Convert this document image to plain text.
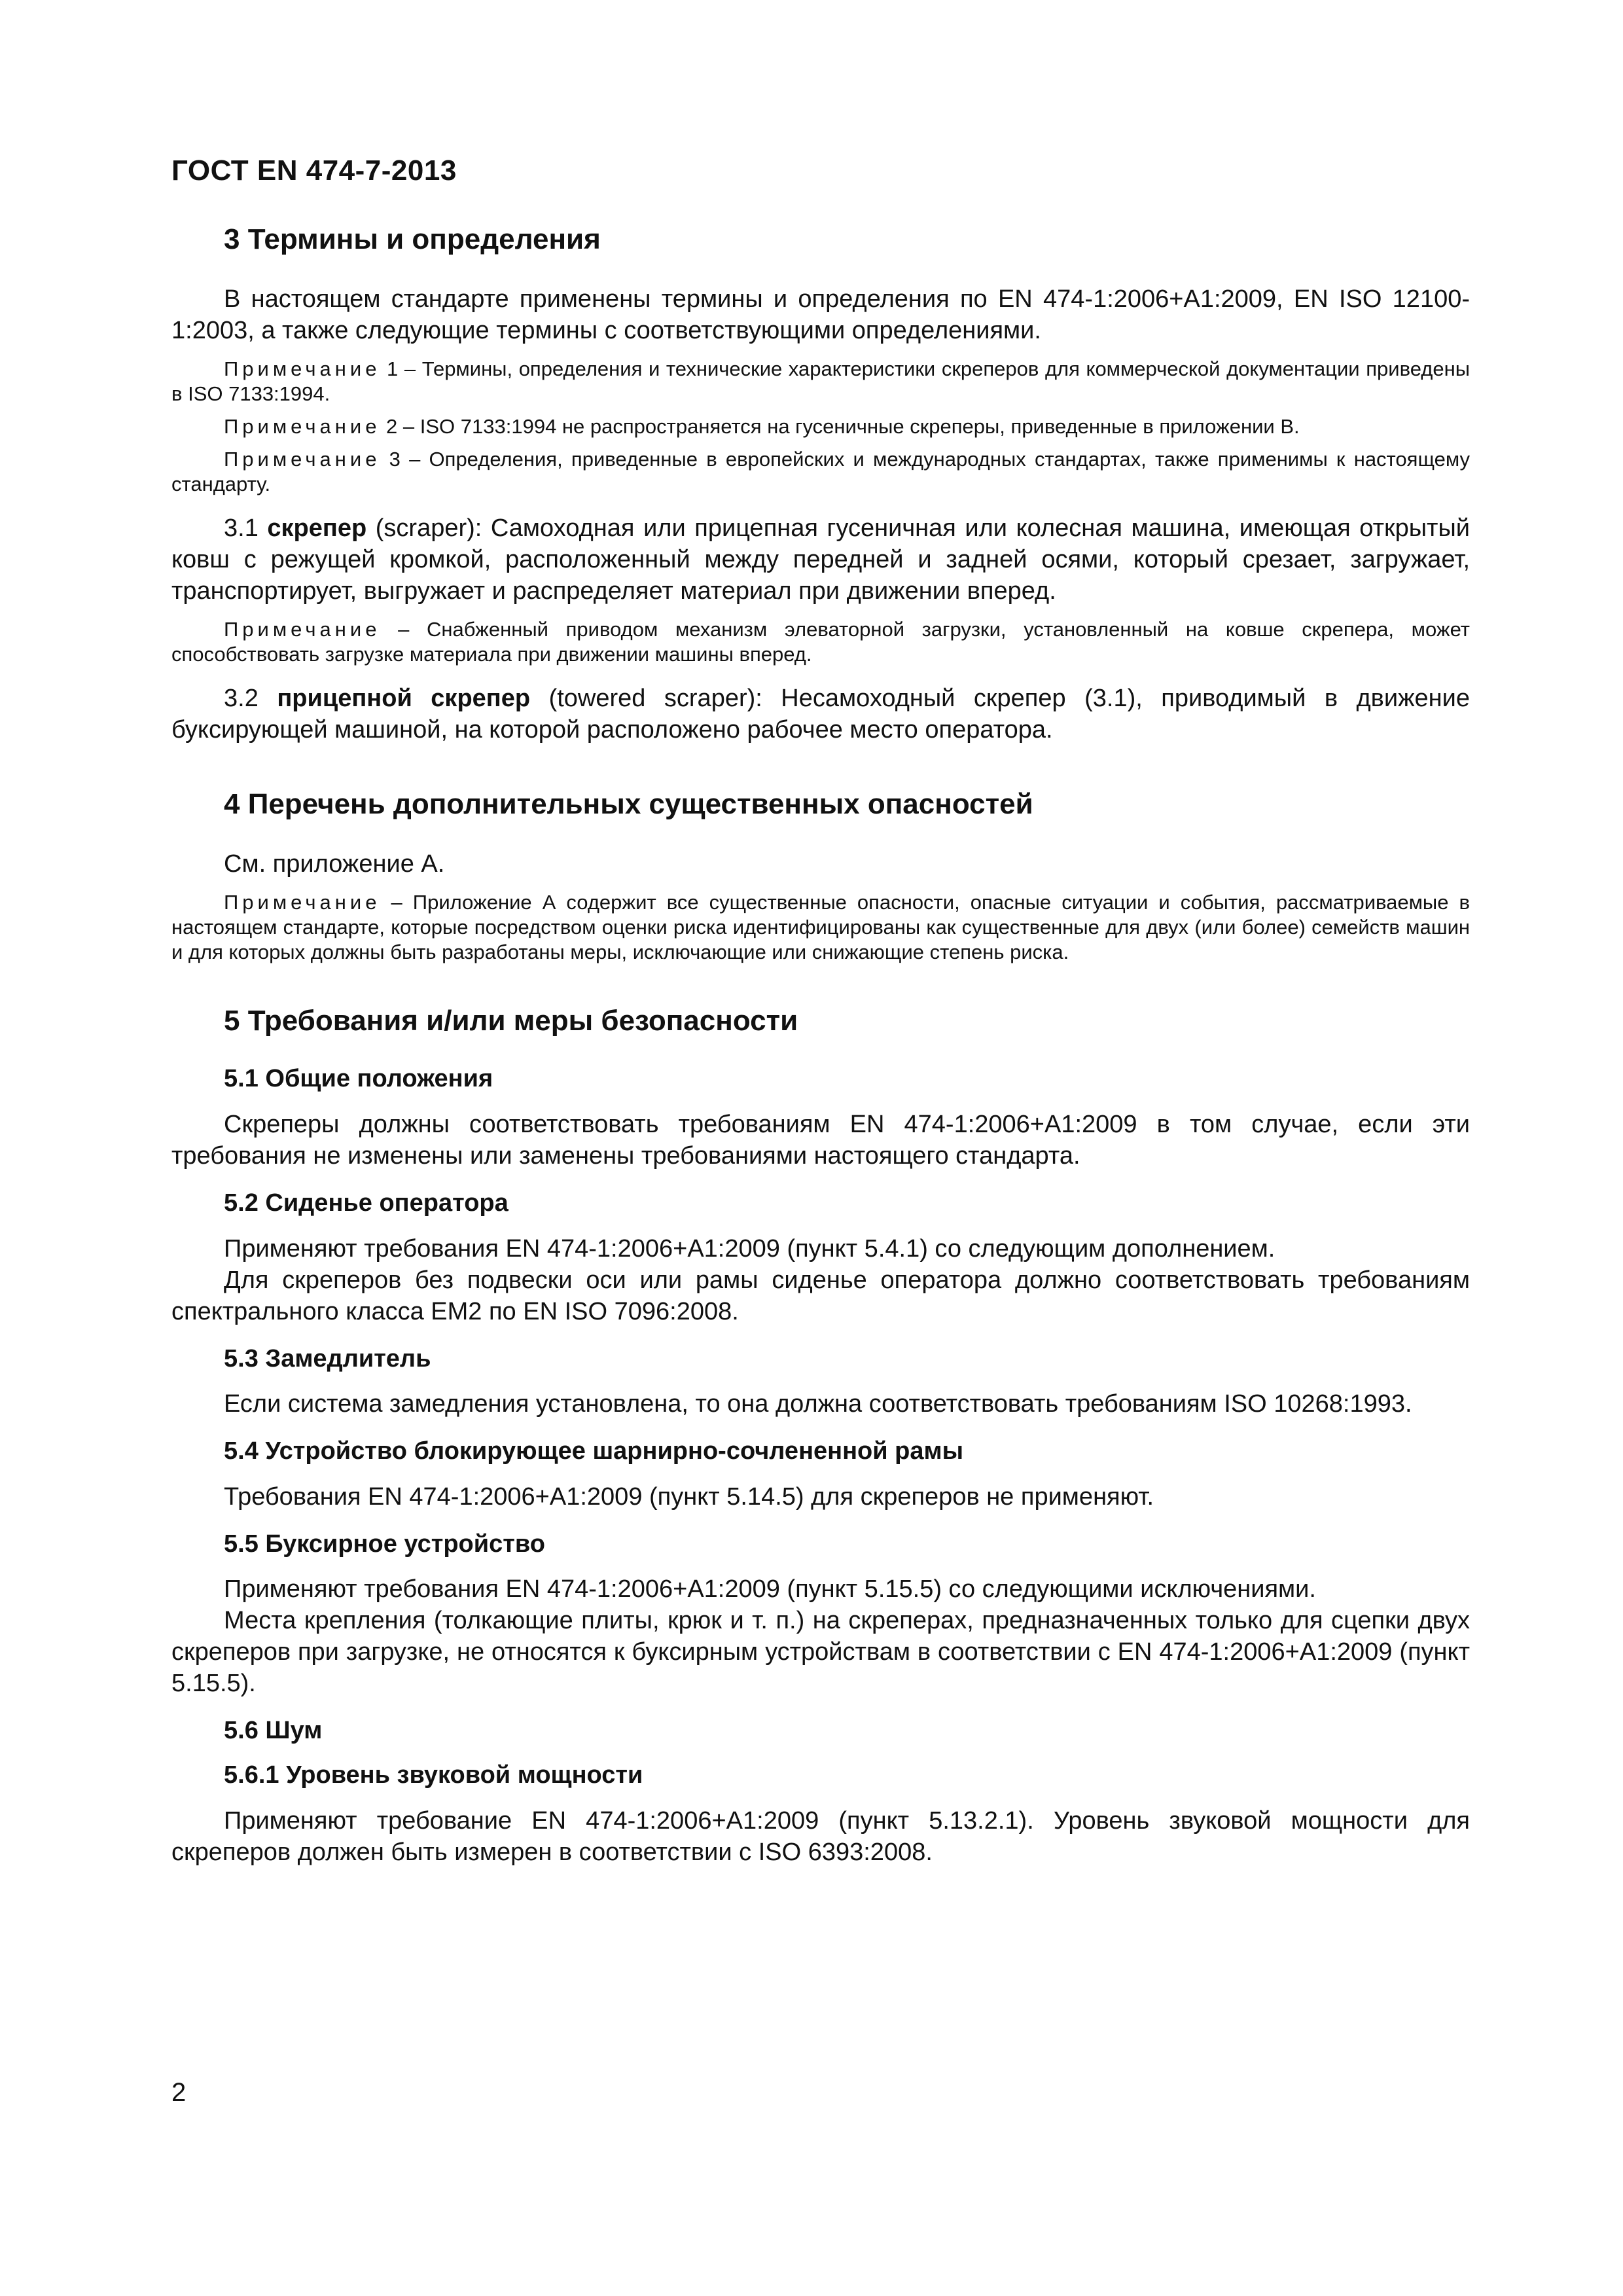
ГОСТ EN 474-7-2013
3 Термины и определения

В настоящем стандарте применены термины и определения по EN 474-1:2006+A1:2009, EN ISO 12100-1:2003, а также следующие термины с соответствующими определениями.

Примечание 1 – Термины, определения и технические характеристики скреперов для коммерческой документации приведены в ISO 7133:1994.

Примечание 2 – ISO 7133:1994 не распространяется на гусеничные скреперы, приведенные в приложении B.

Примечание 3 – Определения, приведенные в европейских и международных стандартах, также применимы к настоящему стандарту.

3.1 скрепер (scraper): Самоходная или прицепная гусеничная или колесная машина, имеющая открытый ковш с режущей кромкой, расположенный между передней и задней осями, который срезает, загружает, транспортирует, выгружает и распределяет материал при движении вперед.

Примечание – Снабженный приводом механизм элеваторной загрузки, установленный на ковше скрепера, может способствовать загрузке материала при движении машины вперед.

3.2 прицепной скрепер (towered scraper): Несамоходный скрепер (3.1), приводимый в движение буксирующей машиной, на которой расположено рабочее место оператора.

4 Перечень дополнительных существенных опасностей

См. приложение А.

Примечание – Приложение А содержит все существенные опасности, опасные ситуации и события, рассматриваемые в настоящем стандарте, которые посредством оценки риска идентифицированы как существенные для двух (или более) семейств машин и для которых должны быть разработаны меры, исключающие или снижающие степень риска.

5 Требования и/или меры безопасности
5.1 Общие положения

Скреперы должны соответствовать требованиям EN 474-1:2006+A1:2009 в том случае, если эти требования не изменены или заменены требованиями настоящего стандарта.

5.2 Сиденье оператора

Применяют требования EN 474-1:2006+A1:2009 (пункт 5.4.1) со следующим дополнением.

Для скреперов без подвески оси или рамы сиденье оператора должно соответствовать требованиям спектрального класса EM2 по EN ISO 7096:2008.

5.3 Замедлитель

Если система замедления установлена, то она должна соответствовать требованиям ISO 10268:1993.

5.4 Устройство блокирующее шарнирно-сочлененной рамы

Требования EN 474-1:2006+A1:2009 (пункт 5.14.5) для скреперов не применяют.

5.5 Буксирное устройство

Применяют требования EN 474-1:2006+A1:2009 (пункт 5.15.5) со следующими исключениями.

Места крепления (толкающие плиты, крюк и т. п.) на скреперах, предназначенных только для сцепки двух скреперов при загрузке, не относятся к буксирным устройствам в соответствии с EN 474-1:2006+A1:2009 (пункт 5.15.5).

5.6 Шум
5.6.1 Уровень звуковой мощности

Применяют требование EN 474-1:2006+A1:2009 (пункт 5.13.2.1). Уровень звуковой мощности для скреперов должен быть измерен в соответствии с ISO 6393:2008.

2
